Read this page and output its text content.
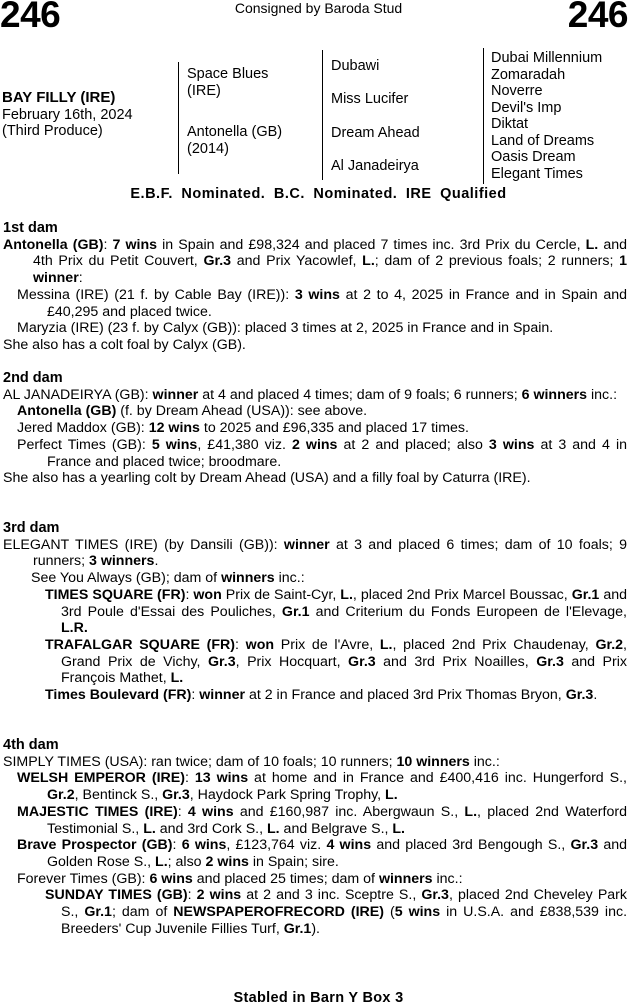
246	Consigned by Baroda Stud	246
BAY FILLY (IRE)
February 16th, 2024
(Third Produce)
Space Blues
(IRE)
Antonella (GB)
(2014)
Dubawi
Miss Lucifer
Dream Ahead
Al Janadeirya
Dubai Millennium
Zomaradah
Noverre
Devil's Imp
Diktat
Land of Dreams
Oasis Dream
Elegant Times
E.B.F. Nominated. B.C. Nominated. IRE Qualified
1st dam
Antonella (GB): 7 wins in Spain and £98,324 and placed 7 times inc. 3rd Prix du Cercle, L. and 4th Prix du Petit Couvert, Gr.3 and Prix Yacowlef, L.; dam of 2 previous foals; 2 runners; 1 winner:
Messina (IRE) (21 f. by Cable Bay (IRE)): 3 wins at 2 to 4, 2025 in France and in Spain and £40,295 and placed twice.
Maryzia (IRE) (23 f. by Calyx (GB)): placed 3 times at 2, 2025 in France and in Spain.
She also has a colt foal by Calyx (GB).
2nd dam
AL JANADEIRYA (GB): winner at 4 and placed 4 times; dam of 9 foals; 6 runners; 6 winners inc.:
Antonella (GB) (f. by Dream Ahead (USA)): see above.
Jered Maddox (GB): 12 wins to 2025 and £96,335 and placed 17 times.
Perfect Times (GB): 5 wins, £41,380 viz. 2 wins at 2 and placed; also 3 wins at 3 and 4 in France and placed twice; broodmare.
She also has a yearling colt by Dream Ahead (USA) and a filly foal by Caturra (IRE).
3rd dam
ELEGANT TIMES (IRE) (by Dansili (GB)): winner at 3 and placed 6 times; dam of 10 foals; 9 runners; 3 winners.
See You Always (GB); dam of winners inc.:
TIMES SQUARE (FR): won Prix de Saint-Cyr, L., placed 2nd Prix Marcel Boussac, Gr.1 and 3rd Poule d'Essai des Pouliches, Gr.1 and Criterium du Fonds Europeen de l'Elevage, L.R.
TRAFALGAR SQUARE (FR): won Prix de l'Avre, L., placed 2nd Prix Chaudenay, Gr.2, Grand Prix de Vichy, Gr.3, Prix Hocquart, Gr.3 and 3rd Prix Noailles, Gr.3 and Prix François Mathet, L.
Times Boulevard (FR): winner at 2 in France and placed 3rd Prix Thomas Bryon, Gr.3.
4th dam
SIMPLY TIMES (USA): ran twice; dam of 10 foals; 10 runners; 10 winners inc.:
WELSH EMPEROR (IRE): 13 wins at home and in France and £400,416 inc. Hungerford S., Gr.2, Bentinck S., Gr.3, Haydock Park Spring Trophy, L.
MAJESTIC TIMES (IRE): 4 wins and £160,987 inc. Abergwaun S., L., placed 2nd Waterford Testimonial S., L. and 3rd Cork S., L. and Belgrave S., L.
Brave Prospector (GB): 6 wins, £123,764 viz. 4 wins and placed 3rd Bengough S., Gr.3 and Golden Rose S., L.; also 2 wins in Spain; sire.
Forever Times (GB): 6 wins and placed 25 times; dam of winners inc.:
SUNDAY TIMES (GB): 2 wins at 2 and 3 inc. Sceptre S., Gr.3, placed 2nd Cheveley Park S., Gr.1; dam of NEWSPAPEROFRECORD (IRE) (5 wins in U.S.A. and £838,539 inc. Breeders' Cup Juvenile Fillies Turf, Gr.1).
Stabled in Barn Y Box 3
